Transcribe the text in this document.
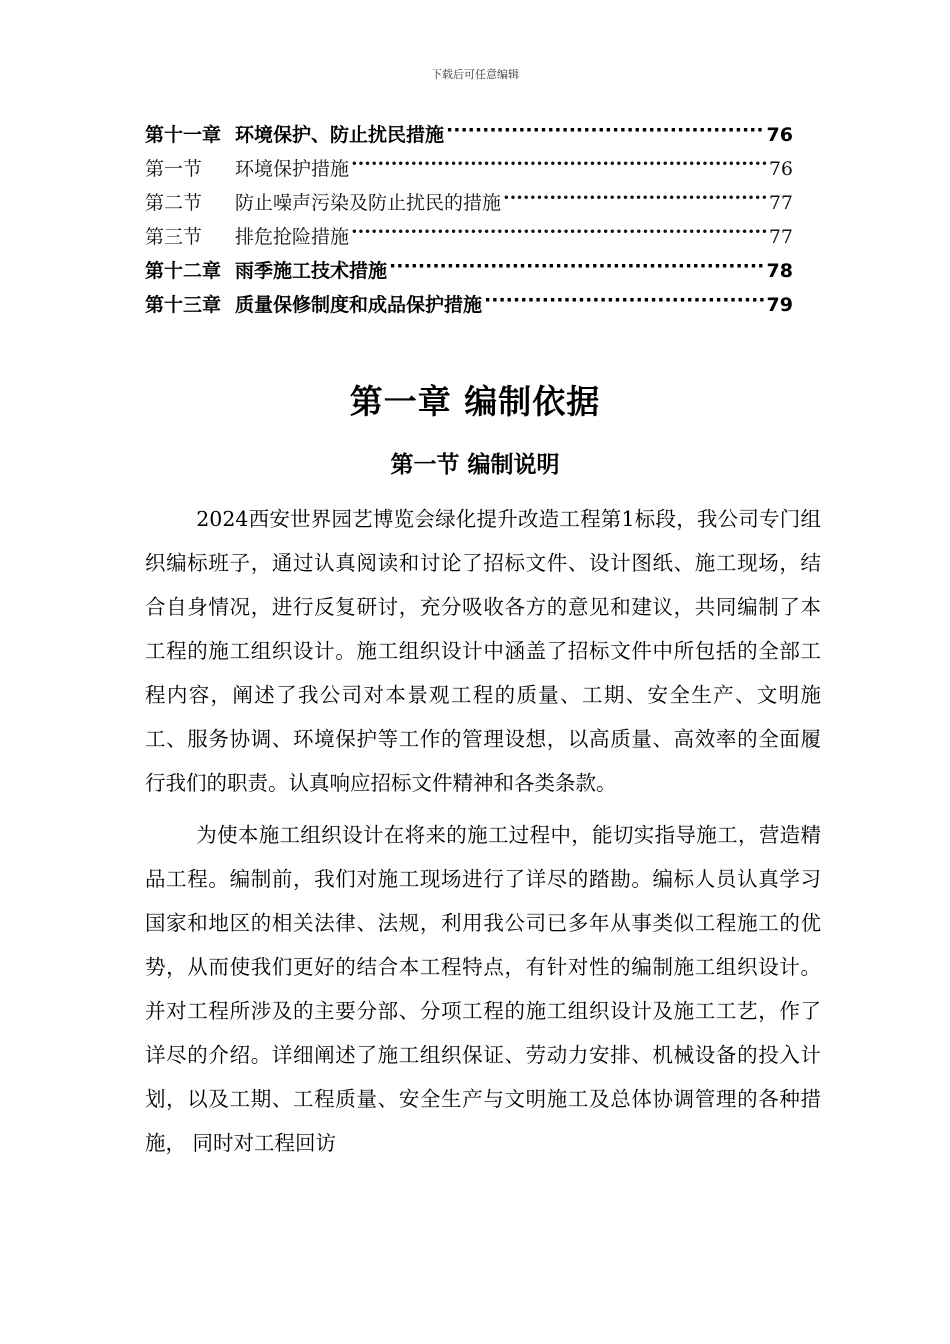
下载后可任意编辑
第十一章 环境保护、防止扰民措施 ·····	76
第一节	环境保护措施 ·····	76
第二节	防止噪声污染及防止扰民的措施 ·····	77
第三节	排危抢险措施 ·····	77
第十二章 雨季施工技术措施 ·····	78
第十三章 质量保修制度和成品保护措施 ·····	79
第一章 编制依据
第一节 编制说明

2024西安世界园艺博览会绿化提升改造工程第1标段，我公司专门组织编标班子，通过认真阅读和讨论了招标文件、设计图纸、施工现场，结合自身情况，进行反复研讨，充分吸收各方的意见和建议，共同编制了本工程的施工组织设计。施工组织设计中涵盖了招标文件中所包括的全部工程内容，阐述了我公司对本景观工程的质量、工期、安全生产、文明施工、服务协调、环境保护等工作的管理设想，以高质量、高效率的全面履行我们的职责。认真响应招标文件精神和各类条款。

为使本施工组织设计在将来的施工过程中，能切实指导施工，营造精品工程。编制前，我们对施工现场进行了详尽的踏勘。编标人员认真学习国家和地区的相关法律、法规，利用我公司已多年从事类似工程施工的优势，从而使我们更好的结合本工程特点，有针对性的编制施工组织设计。并对工程所涉及的主要分部、分项工程的施工组织设计及施工工艺，作了详尽的介绍。详细阐述了施工组织保证、劳动力安排、机械设备的投入计划，以及工期、工程质量、安全生产与文明施工及总体协调管理的各种措施， 同时对工程回访
